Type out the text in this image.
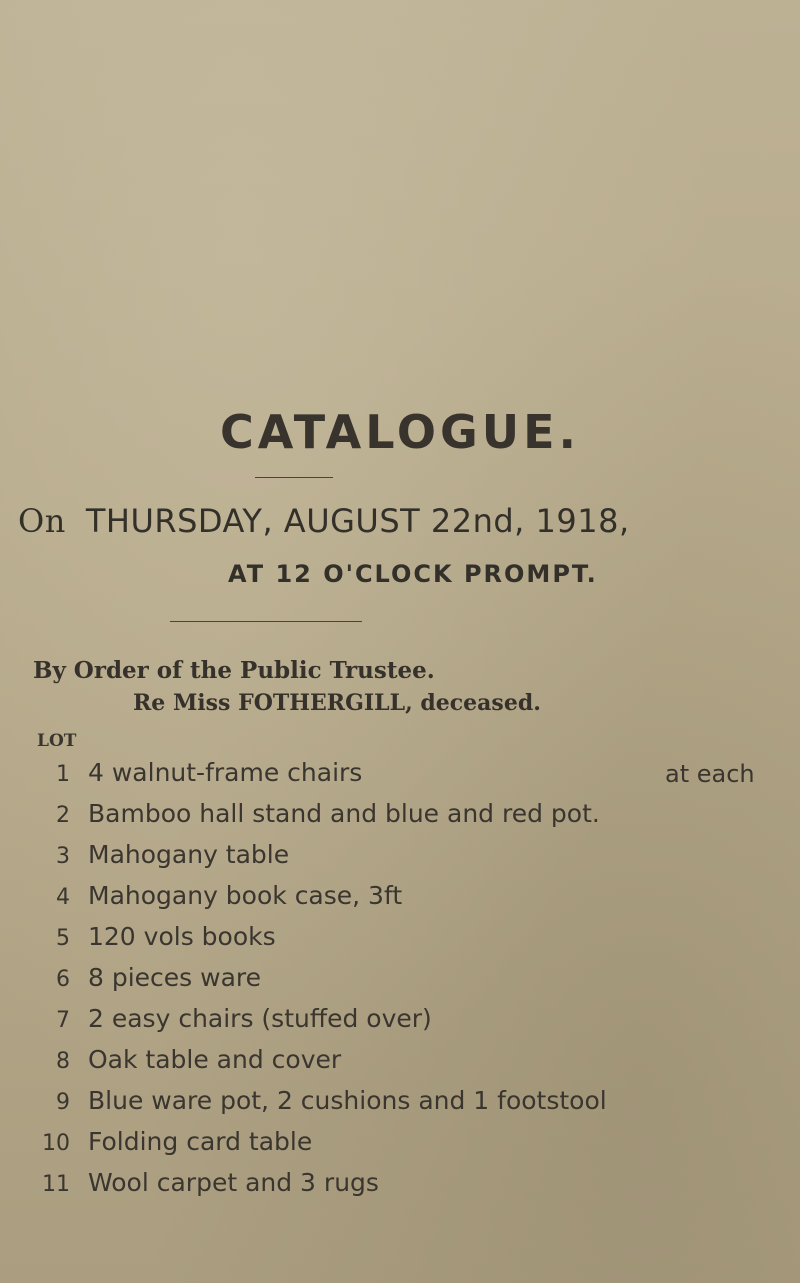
CATALOGUE.
On THURSDAY, AUGUST 22nd, 1918,
AT 12 O'CLOCK PROMPT.
By Order of the Public Trustee.
Re Miss FOTHERGILL, deceased.
LOT
1 4 walnut-frame chairs	at each
2 Bamboo hall stand and blue and red pot.
3 Mahogany table
4 Mahogany book case, 3ft
5 120 vols books
6 8 pieces ware
7 2 easy chairs (stuffed over)
8 Oak table and cover
9 Blue ware pot, 2 cushions and 1 footstool
10 Folding card table
11 Wool carpet and 3 rugs
